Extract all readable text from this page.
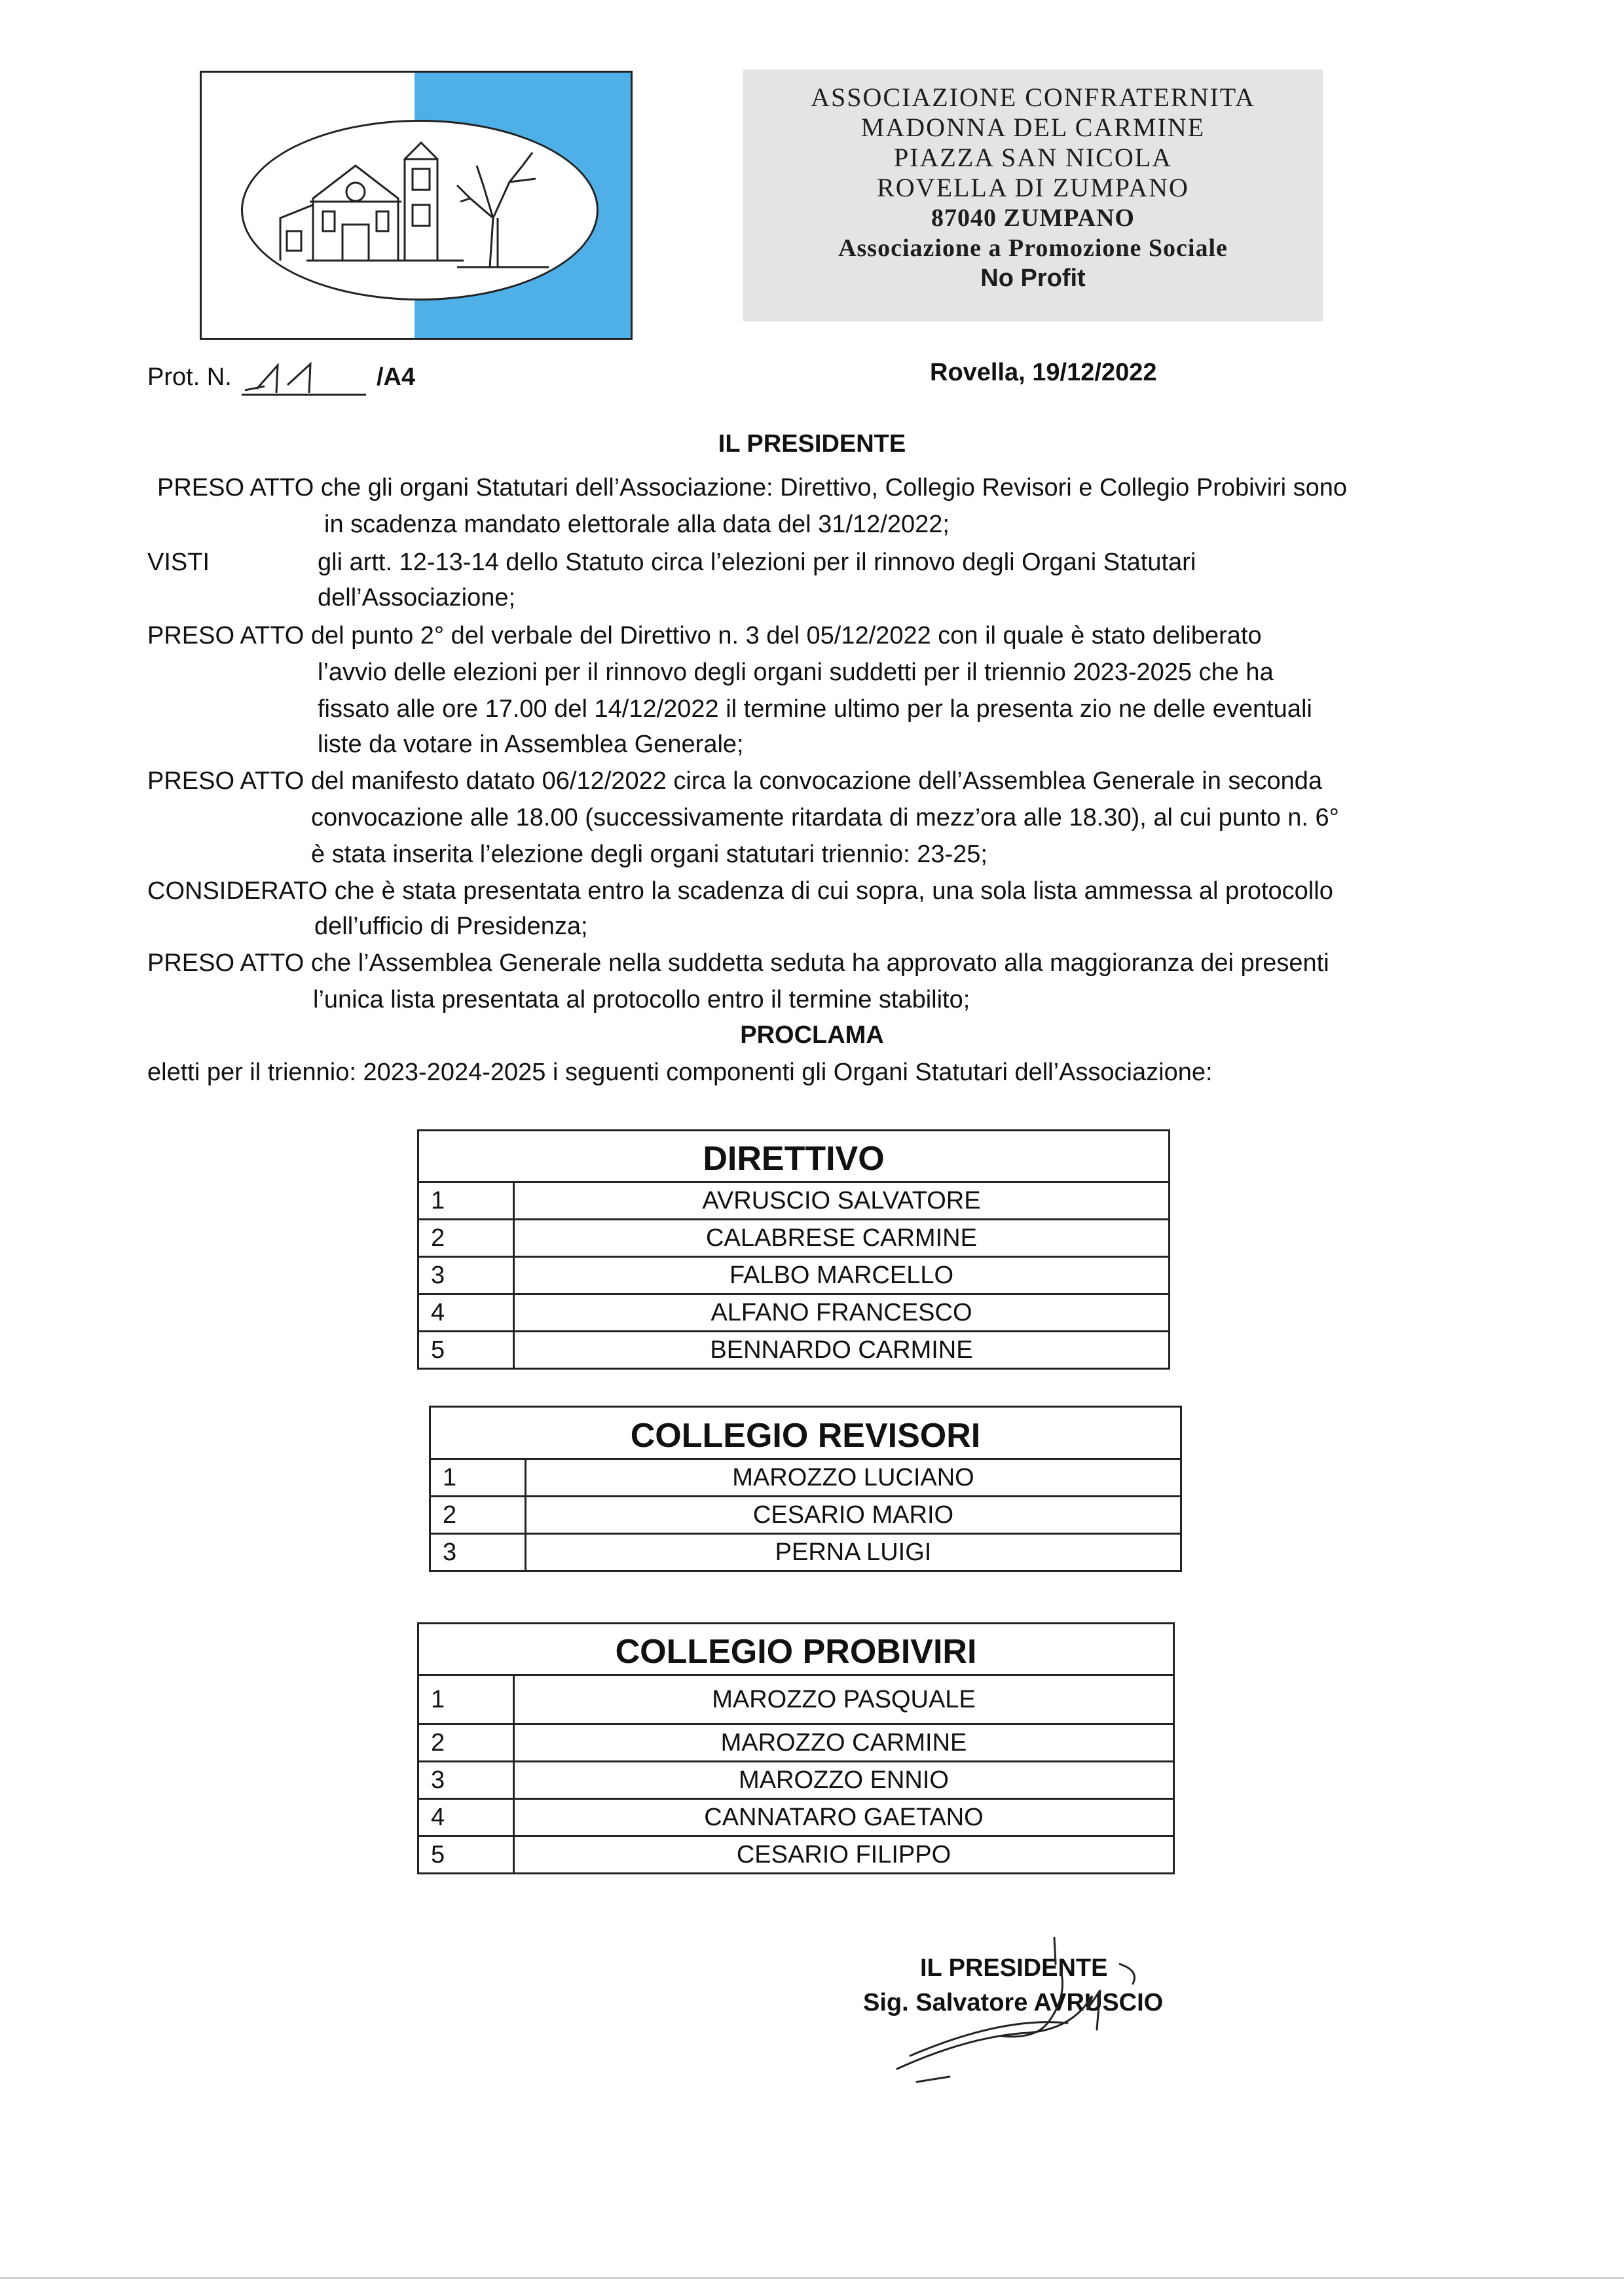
ASSOCIAZIONE CONFRATERNITA
MADONNA DEL CARMINE
PIAZZA SAN NICOLA
ROVELLA DI ZUMPANO
87040 ZUMPANO
Associazione a Promozione Sociale
No Profit
Prot. N.	/A4	Rovella, 19/12/2022
IL PRESIDENTE
PRESO ATTO che gli organi Statutari dell’Associazione: Direttivo, Collegio Revisori e Collegio Probiviri sono
in scadenza mandato elettorale alla data del 31/12/2022;
VISTI	gli artt. 12-13-14 dello Statuto circa l’elezioni per il rinnovo degli Organi Statutari
dell’Associazione;
PRESO ATTO del punto 2° del verbale del Direttivo n. 3 del 05/12/2022 con il quale è stato deliberato
l’avvio delle elezioni per il rinnovo degli organi suddetti per il triennio 2023-2025 che ha
fissato alle ore 17.00 del 14/12/2022 il termine ultimo per la presenta zio ne delle eventuali
liste da votare in Assemblea Generale;
PRESO ATTO del manifesto datato 06/12/2022 circa la convocazione dell’Assemblea Generale in seconda
convocazione alle 18.00 (successivamente ritardata di mezz’ora alle 18.30), al cui punto n. 6°
è stata inserita l’elezione degli organi statutari triennio: 23-25;
CONSIDERATO che è stata presentata entro la scadenza di cui sopra, una sola lista ammessa al protocollo
dell’ufficio di Presidenza;
PRESO ATTO che l’Assemblea Generale nella suddetta seduta ha approvato alla maggioranza dei presenti
l’unica lista presentata al protocollo entro il termine stabilito;
PROCLAMA
eletti per il triennio: 2023-2024-2025 i seguenti componenti gli Organi Statutari dell’Associazione:
DIRETTIVO	
1	AVRUSCIO SALVATORE
2	CALABRESE CARMINE
3	FALBO MARCELLO
4	ALFANO FRANCESCO
5	BENNARDO CARMINE
COLLEGIO REVISORI	
1	MAROZZO LUCIANO
2	CESARIO MARIO
3	PERNA LUIGI
COLLEGIO PROBIVIRI	
1	MAROZZO PASQUALE
2	MAROZZO CARMINE
3	MAROZZO ENNIO
4	CANNATARO GAETANO
5	CESARIO FILIPPO
IL PRESIDENTE
Sig. Salvatore AVRUSCIO
